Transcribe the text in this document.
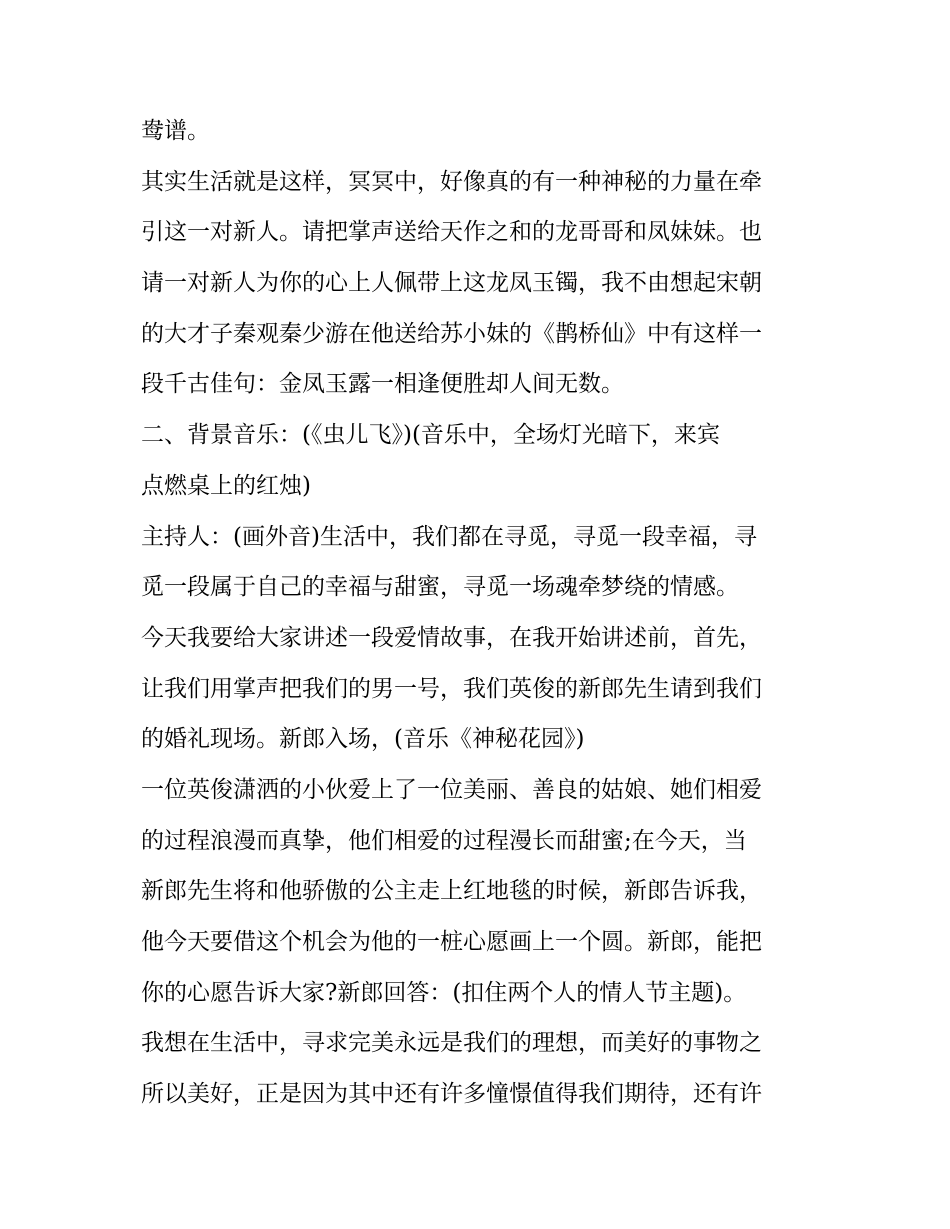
鸯谱。
其实生活就是这样，冥冥中，好像真的有一种神秘的力量在牵
引这一对新人。请把掌声送给天作之和的龙哥哥和凤妹妹。也
请一对新人为你的心上人佩带上这龙凤玉镯，我不由想起宋朝
的大才子秦观秦少游在他送给苏小妹的《鹊桥仙》中有这样一
段千古佳句：金凤玉露一相逢便胜却人间无数。
二、背景音乐：(《虫儿飞》)(音乐中，全场灯光暗下，来宾
点燃桌上的红烛)
主持人：(画外音)生活中，我们都在寻觅，寻觅一段幸福，寻
觅一段属于自己的幸福与甜蜜，寻觅一场魂牵梦绕的情感。
今天我要给大家讲述一段爱情故事，在我开始讲述前，首先，
让我们用掌声把我们的男一号，我们英俊的新郎先生请到我们
的婚礼现场。新郎入场，(音乐《神秘花园》)
一位英俊潇洒的小伙爱上了一位美丽、善良的姑娘、她们相爱
的过程浪漫而真挚，他们相爱的过程漫长而甜蜜;在今天，当
新郎先生将和他骄傲的公主走上红地毯的时候，新郎告诉我，
他今天要借这个机会为他的一桩心愿画上一个圆。新郎，能把
你的心愿告诉大家?新郎回答：(扣住两个人的情人节主题)。
我想在生活中，寻求完美永远是我们的理想，而美好的事物之
所以美好，正是因为其中还有许多憧憬值得我们期待，还有许
